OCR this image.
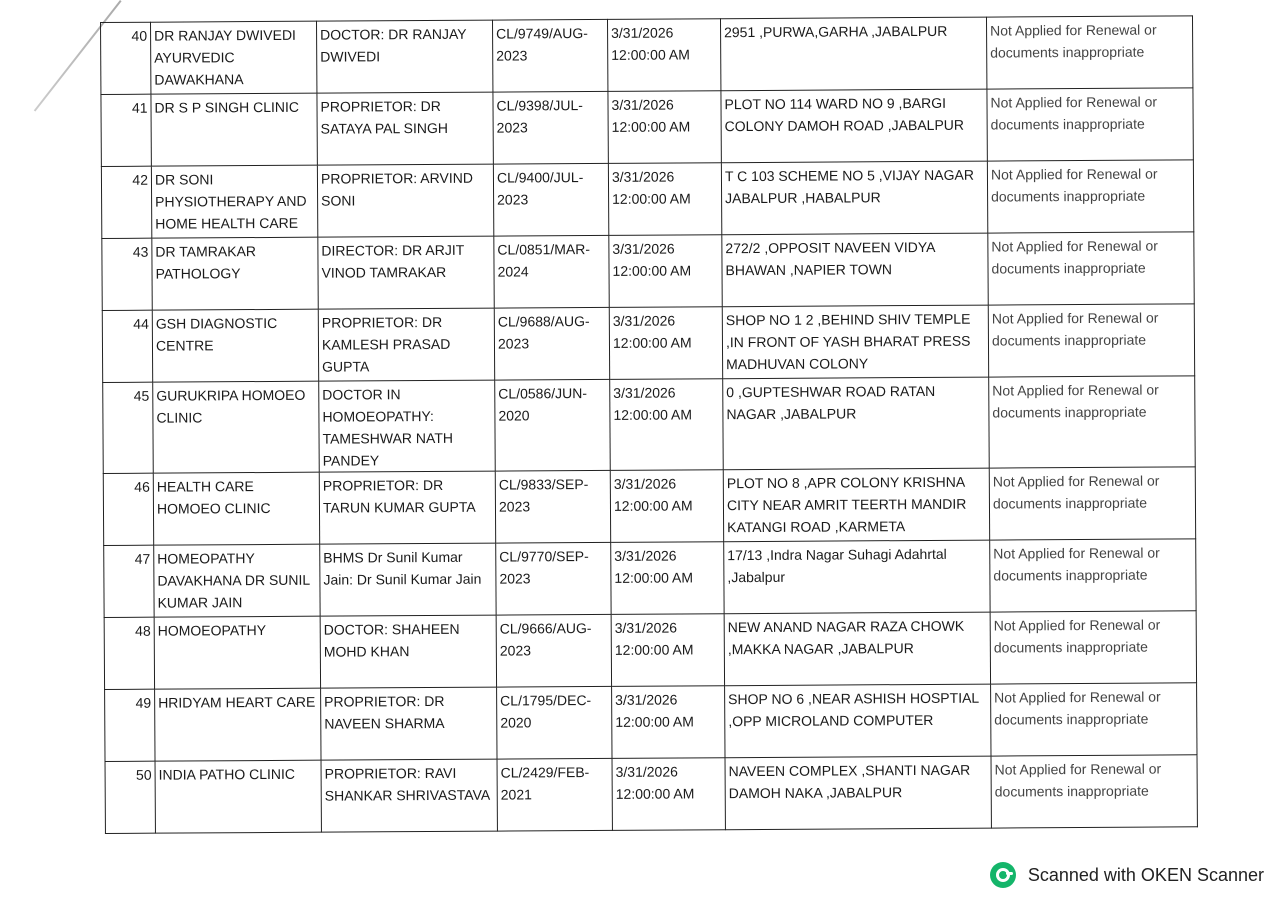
40	DR RANJAY DWIVEDI AYURVEDIC DAWAKHANA	DOCTOR: DR RANJAY DWIVEDI	CL/9749/AUG-2023	3/31/2026 12:00:00 AM	2951 ,PURWA,GARHA ,JABALPUR	Not Applied for Renewal or documents inappropriate
41	DR S P SINGH CLINIC	PROPRIETOR: DR SATAYA PAL SINGH	CL/9398/JUL-2023	3/31/2026 12:00:00 AM	PLOT NO 114 WARD NO 9 ,BARGI COLONY DAMOH ROAD ,JABALPUR	Not Applied for Renewal or documents inappropriate
42	DR SONI PHYSIOTHERAPY AND HOME HEALTH CARE	PROPRIETOR: ARVIND SONI	CL/9400/JUL-2023	3/31/2026 12:00:00 AM	T C 103 SCHEME NO 5 ,VIJAY NAGAR JABALPUR ,HABALPUR	Not Applied for Renewal or documents inappropriate
43	DR TAMRAKAR PATHOLOGY	DIRECTOR: DR ARJIT VINOD TAMRAKAR	CL/0851/MAR-2024	3/31/2026 12:00:00 AM	272/2 ,OPPOSIT NAVEEN VIDYA BHAWAN ,NAPIER TOWN	Not Applied for Renewal or documents inappropriate
44	GSH DIAGNOSTIC CENTRE	PROPRIETOR: DR KAMLESH PRASAD GUPTA	CL/9688/AUG-2023	3/31/2026 12:00:00 AM	SHOP NO 1 2 ,BEHIND SHIV TEMPLE ,IN FRONT OF YASH BHARAT PRESS MADHUVAN COLONY	Not Applied for Renewal or documents inappropriate
45	GURUKRIPA HOMOEO CLINIC	DOCTOR IN HOMOEOPATHY: TAMESHWAR NATH PANDEY	CL/0586/JUN-2020	3/31/2026 12:00:00 AM	0 ,GUPTESHWAR ROAD RATAN NAGAR ,JABALPUR	Not Applied for Renewal or documents inappropriate
46	HEALTH CARE HOMOEO CLINIC	PROPRIETOR: DR TARUN KUMAR GUPTA	CL/9833/SEP-2023	3/31/2026 12:00:00 AM	PLOT NO 8 ,APR COLONY KRISHNA CITY NEAR AMRIT TEERTH MANDIR KATANGI ROAD ,KARMETA	Not Applied for Renewal or documents inappropriate
47	HOMEOPATHY DAVAKHANA DR SUNIL KUMAR JAIN	BHMS Dr Sunil Kumar Jain: Dr Sunil Kumar Jain	CL/9770/SEP-2023	3/31/2026 12:00:00 AM	17/13 ,Indra Nagar Suhagi Adahrtal ,Jabalpur	Not Applied for Renewal or documents inappropriate
48	HOMOEOPATHY	DOCTOR: SHAHEEN MOHD KHAN	CL/9666/AUG-2023	3/31/2026 12:00:00 AM	NEW ANAND NAGAR RAZA CHOWK ,MAKKA NAGAR ,JABALPUR	Not Applied for Renewal or documents inappropriate
49	HRIDYAM HEART CARE	PROPRIETOR: DR NAVEEN SHARMA	CL/1795/DEC-2020	3/31/2026 12:00:00 AM	SHOP NO 6 ,NEAR ASHISH HOSPTIAL ,OPP MICROLAND COMPUTER	Not Applied for Renewal or documents inappropriate
50	INDIA PATHO CLINIC	PROPRIETOR: RAVI SHANKAR SHRIVASTAVA	CL/2429/FEB-2021	3/31/2026 12:00:00 AM	NAVEEN COMPLEX ,SHANTI NAGAR DAMOH NAKA ,JABALPUR	Not Applied for Renewal or documents inappropriate
Scanned with OKEN Scanner
